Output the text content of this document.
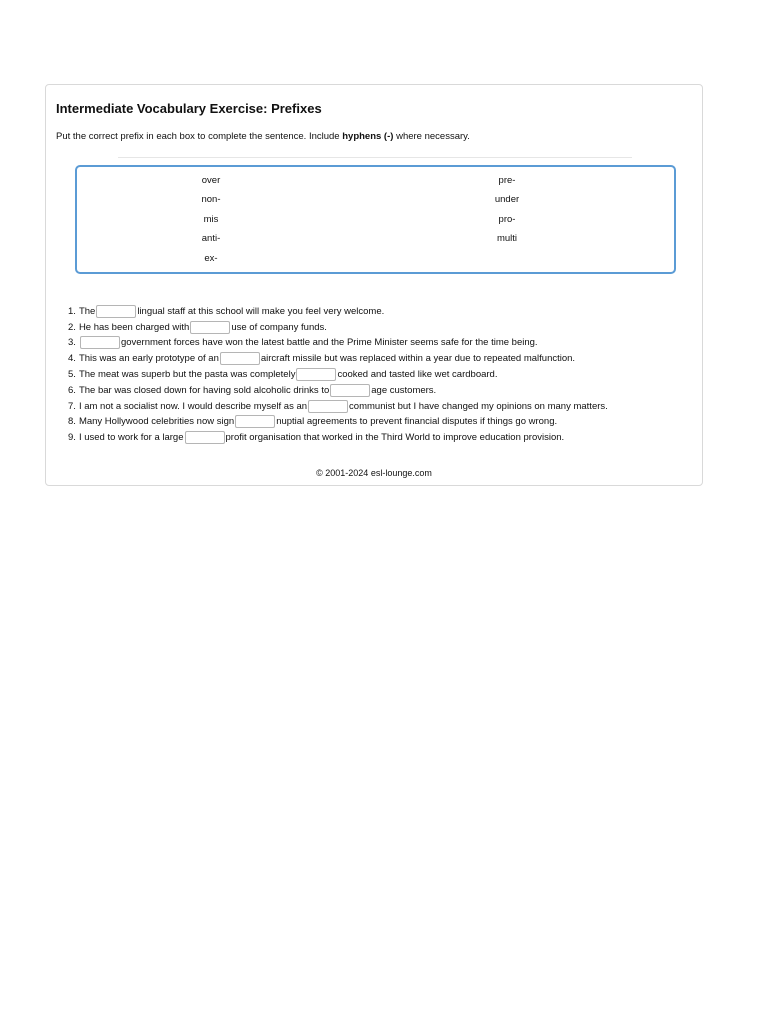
Intermediate Vocabulary Exercise: Prefixes
Put the correct prefix in each box to complete the sentence. Include hyphens (-) where necessary.
over
non-
mis
anti-
ex-
pre-
under
pro-
multi
1. The	lingual staff at this school will make you feel very welcome.
2. He has been charged with	use of company funds.
3.	government forces have won the latest battle and the Prime Minister seems safe for the time being.
4. This was an early prototype of an	aircraft missile but was replaced within a year due to repeated malfunction.
5. The meat was superb but the pasta was completely	cooked and tasted like wet cardboard.
6. The bar was closed down for having sold alcoholic drinks to	age customers.
7. I am not a socialist now. I would describe myself as an	communist but I have changed my opinions on many matters.
8. Many Hollywood celebrities now sign	nuptial agreements to prevent financial disputes if things go wrong.
9. I used to work for a large	profit organisation that worked in the Third World to improve education provision.
© 2001-2024 esl-lounge.com
